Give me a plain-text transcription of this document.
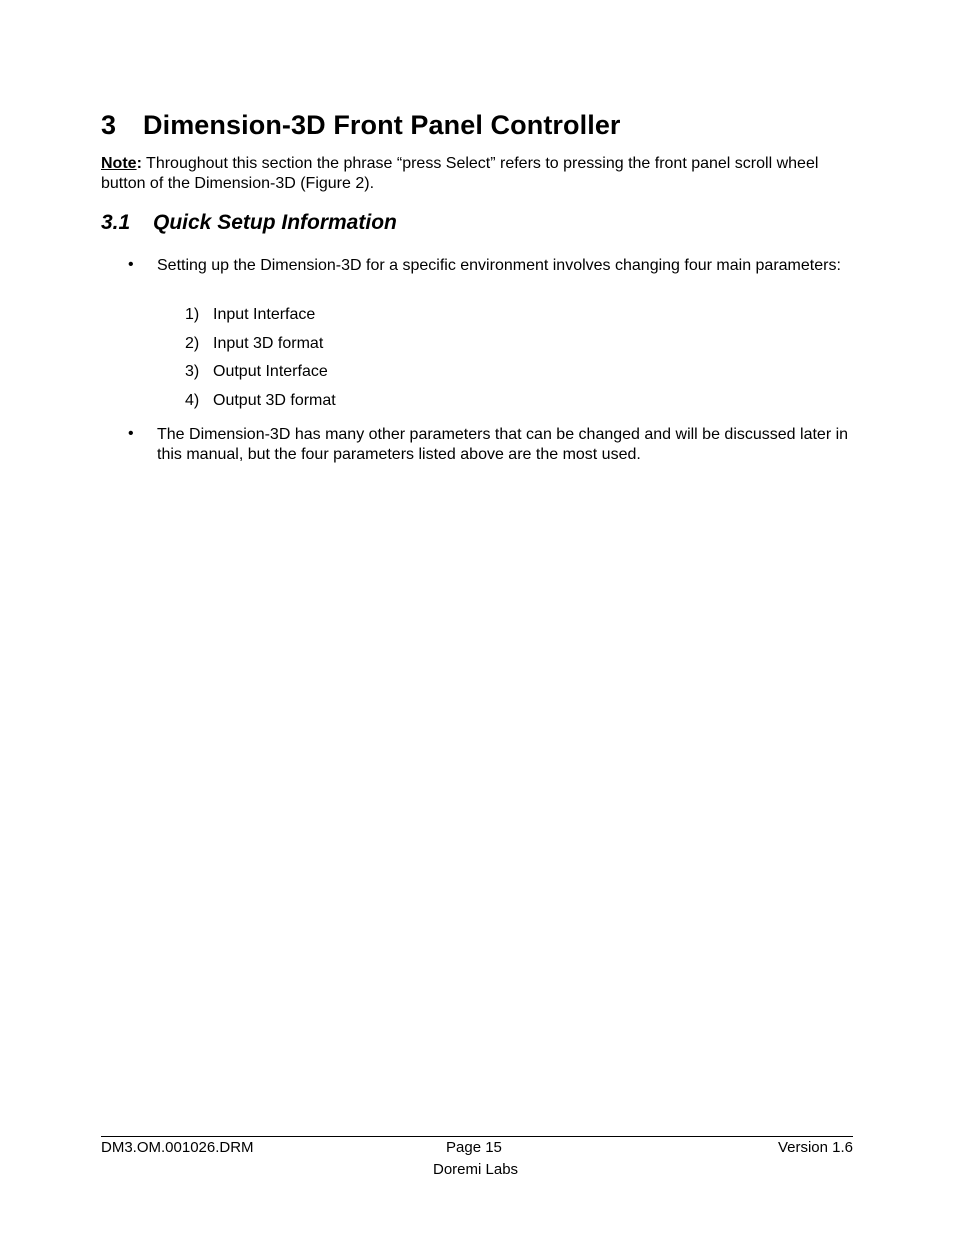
3 Dimension-3D Front Panel Controller

Note: Throughout this section the phrase “press Select” refers to pressing the front panel scroll wheel button of the Dimension-3D (Figure 2).

3.1 Quick Setup Information
• Setting up the Dimension-3D for a specific environment involves changing four main parameters:

1) Input Interface
2) Input 3D format
3) Output Interface
4) Output 3D format
• The Dimension-3D has many other parameters that can be changed and will be discussed later in this manual, but the four parameters listed above are the most used.

DM3.OM.001026.DRM	Page 15	Version 1.6
Doremi Labs
